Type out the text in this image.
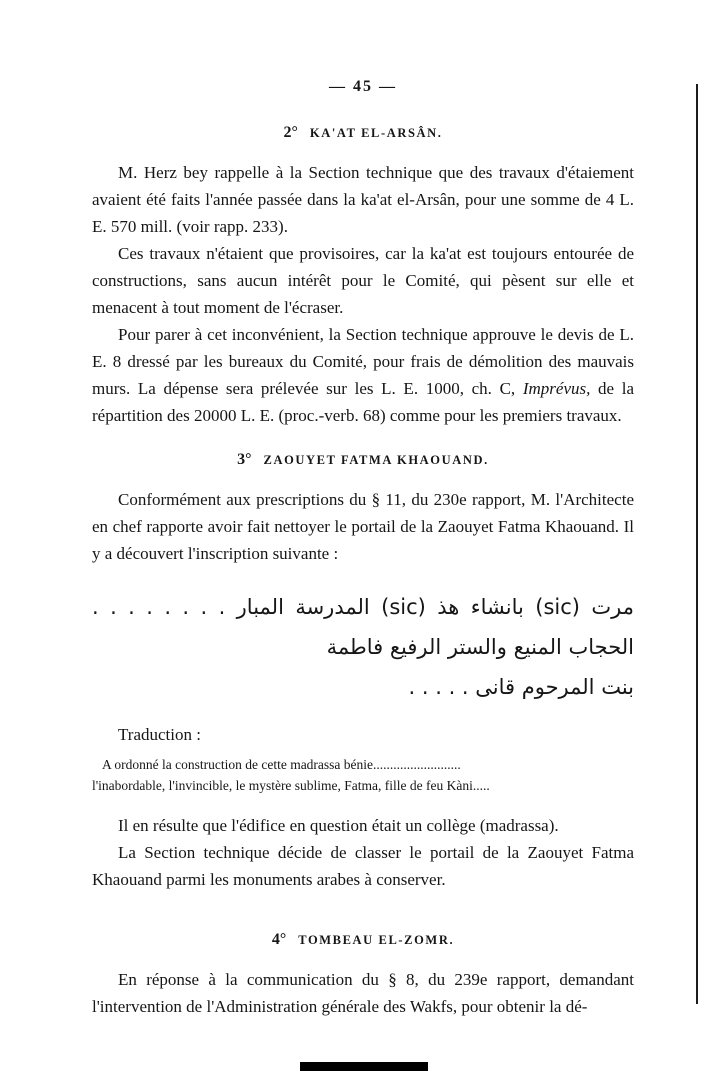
— 45 —
2° KA'AT EL-ARSÂN.

M. Herz bey rappelle à la Section technique que des travaux d'étaiement avaient été faits l'année passée dans la ka'at el-Arsân, pour une somme de 4 L. E. 570 mill. (voir rapp. 233).

Ces travaux n'étaient que provisoires, car la ka'at est toujours entourée de constructions, sans aucun intérêt pour le Comité, qui pèsent sur elle et menacent à tout moment de l'écraser.

Pour parer à cet inconvénient, la Section technique approuve le devis de L. E. 8 dressé par les bureaux du Comité, pour frais de démolition des mauvais murs. La dépense sera prélevée sur les L. E. 1000, ch. C, Imprévus, de la répartition des 20000 L. E. (proc.-verb. 68) comme pour les premiers travaux.

3° ZAOUYET FATMA KHAOUAND.

Conformément aux prescriptions du § 11, du 230e rapport, M. l'Architecte en chef rapporte avoir fait nettoyer le portail de la Zaouyet Fatma Khaouand. Il y a découvert l'inscription suivante :

مرت (sic) بانشاء هذ (sic) المدرسة المبار . . . . . . . . الحجاب المنيع والستر الرفيع فاطمة
بنت المرحوم قانى . . . . .
Traduction :
A ordonné la construction de cette madrassa bénie..........................
l'inabordable, l'invincible, le mystère sublime, Fatma, fille de feu Kàni.....

Il en résulte que l'édifice en question était un collège (madrassa).

La Section technique décide de classer le portail de la Zaouyet Fatma Khaouand parmi les monuments arabes à conserver.

4° TOMBEAU EL-ZOMR.

En réponse à la communication du § 8, du 239e rapport, demandant l'intervention de l'Administration générale des Wakfs, pour obtenir la dé-
